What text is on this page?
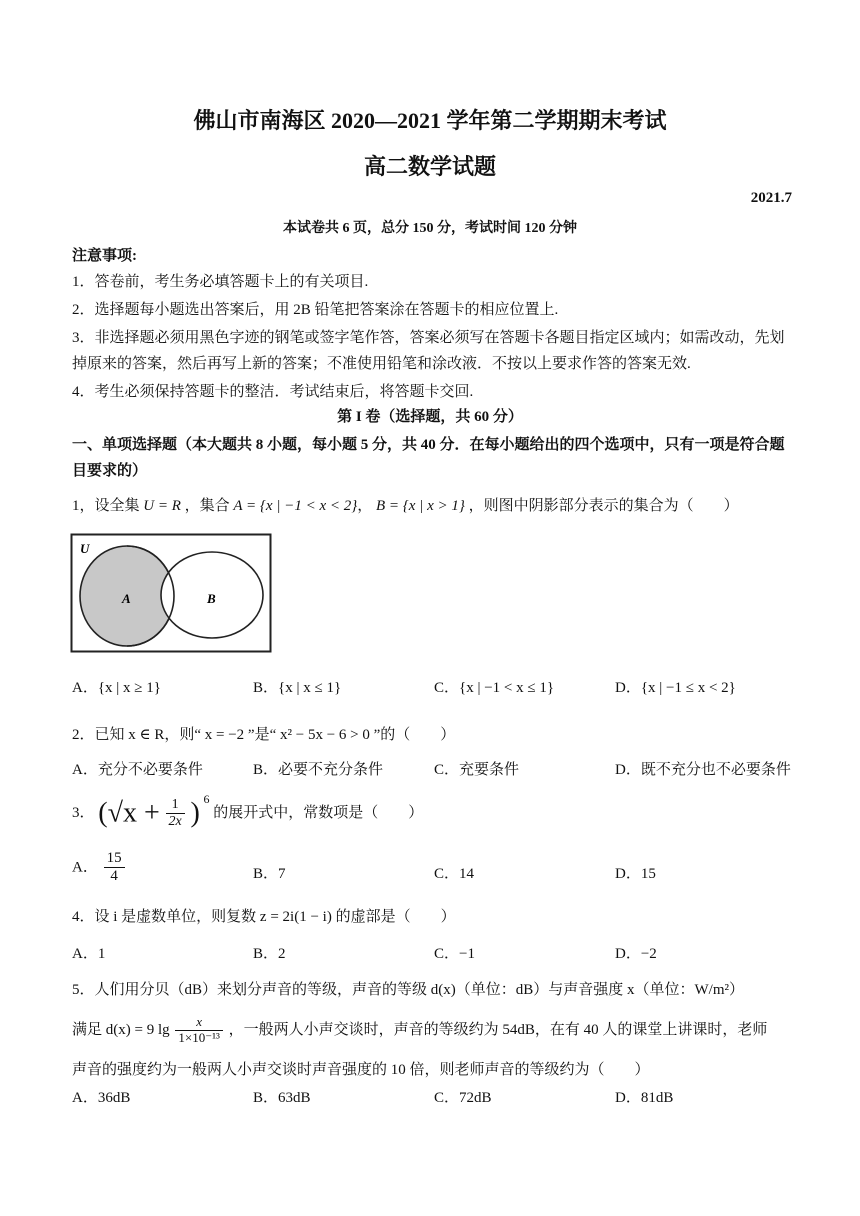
佛山市南海区 2020—2021 学年第二学期期末考试
高二数学试题
2021.7
本试卷共 6 页，总分 150 分，考试时间 120 分钟
注意事项:
1．答卷前，考生务必填答题卡上的有关项目.
2．选择题每小题选出答案后，用 2B 铅笔把答案涂在答题卡的相应位置上.
3．非选择题必须用黑色字迹的钢笔或签字笔作答，答案必须写在答题卡各题目指定区域内；如需改动，先划
掉原来的答案，然后再写上新的答案；不准使用铅笔和涂改液．不按以上要求作答的答案无效.
4．考生必须保持答题卡的整洁．考试结束后，将答题卡交回.
第 I 卷（选择题，共 60 分）
一、单项选择题（本大题共 8 小题，每小题 5 分，共 40 分．在每小题给出的四个选项中，只有一项是符合题
目要求的）
1，设全集 U = R ，集合 A = {x | −1 < x < 2}， B = {x | x > 1} ，则图中阴影部分表示的集合为（　　）
U
A	B
A．{x | x ≥ 1}	B．{x | x ≤ 1}	C．{x | −1 < x ≤ 1}	D．{x | −1 ≤ x < 2}
2．已知 x ∈ R，则“ x = −2 ”是“ x² − 5x − 6 > 0 ”的（　　）
A．充分不必要条件	B．必要不充分条件	C．充要条件	D．既不充分也不必要条件
3． ($√x + \frac{1}{2x}$ ) $^6$ 的展开式中，常数项是（　　）
A． $\frac{15}{4}$	B．7	C．14	D．15
4．设 i 是虚数单位，则复数 z = 2i(1 − i) 的虚部是（　　）
A．1	B．2	C．−1	D．−2
5．人们用分贝（dB）来划分声音的等级，声音的等级 d(x)（单位：dB）与声音强度 x（单位：W/m²）
满足 d(x) = 9 $\lg \frac{x}{\text{1×10⁻¹³}}$ ，一般两人小声交谈时，声音的等级约为 54dB，在有 40 人的课堂上讲课时，老师
声音的强度约为一般两人小声交谈时声音强度的 10 倍，则老师声音的等级约为（　　）
A．36dB	B．63dB	C．72dB	D．81dB
